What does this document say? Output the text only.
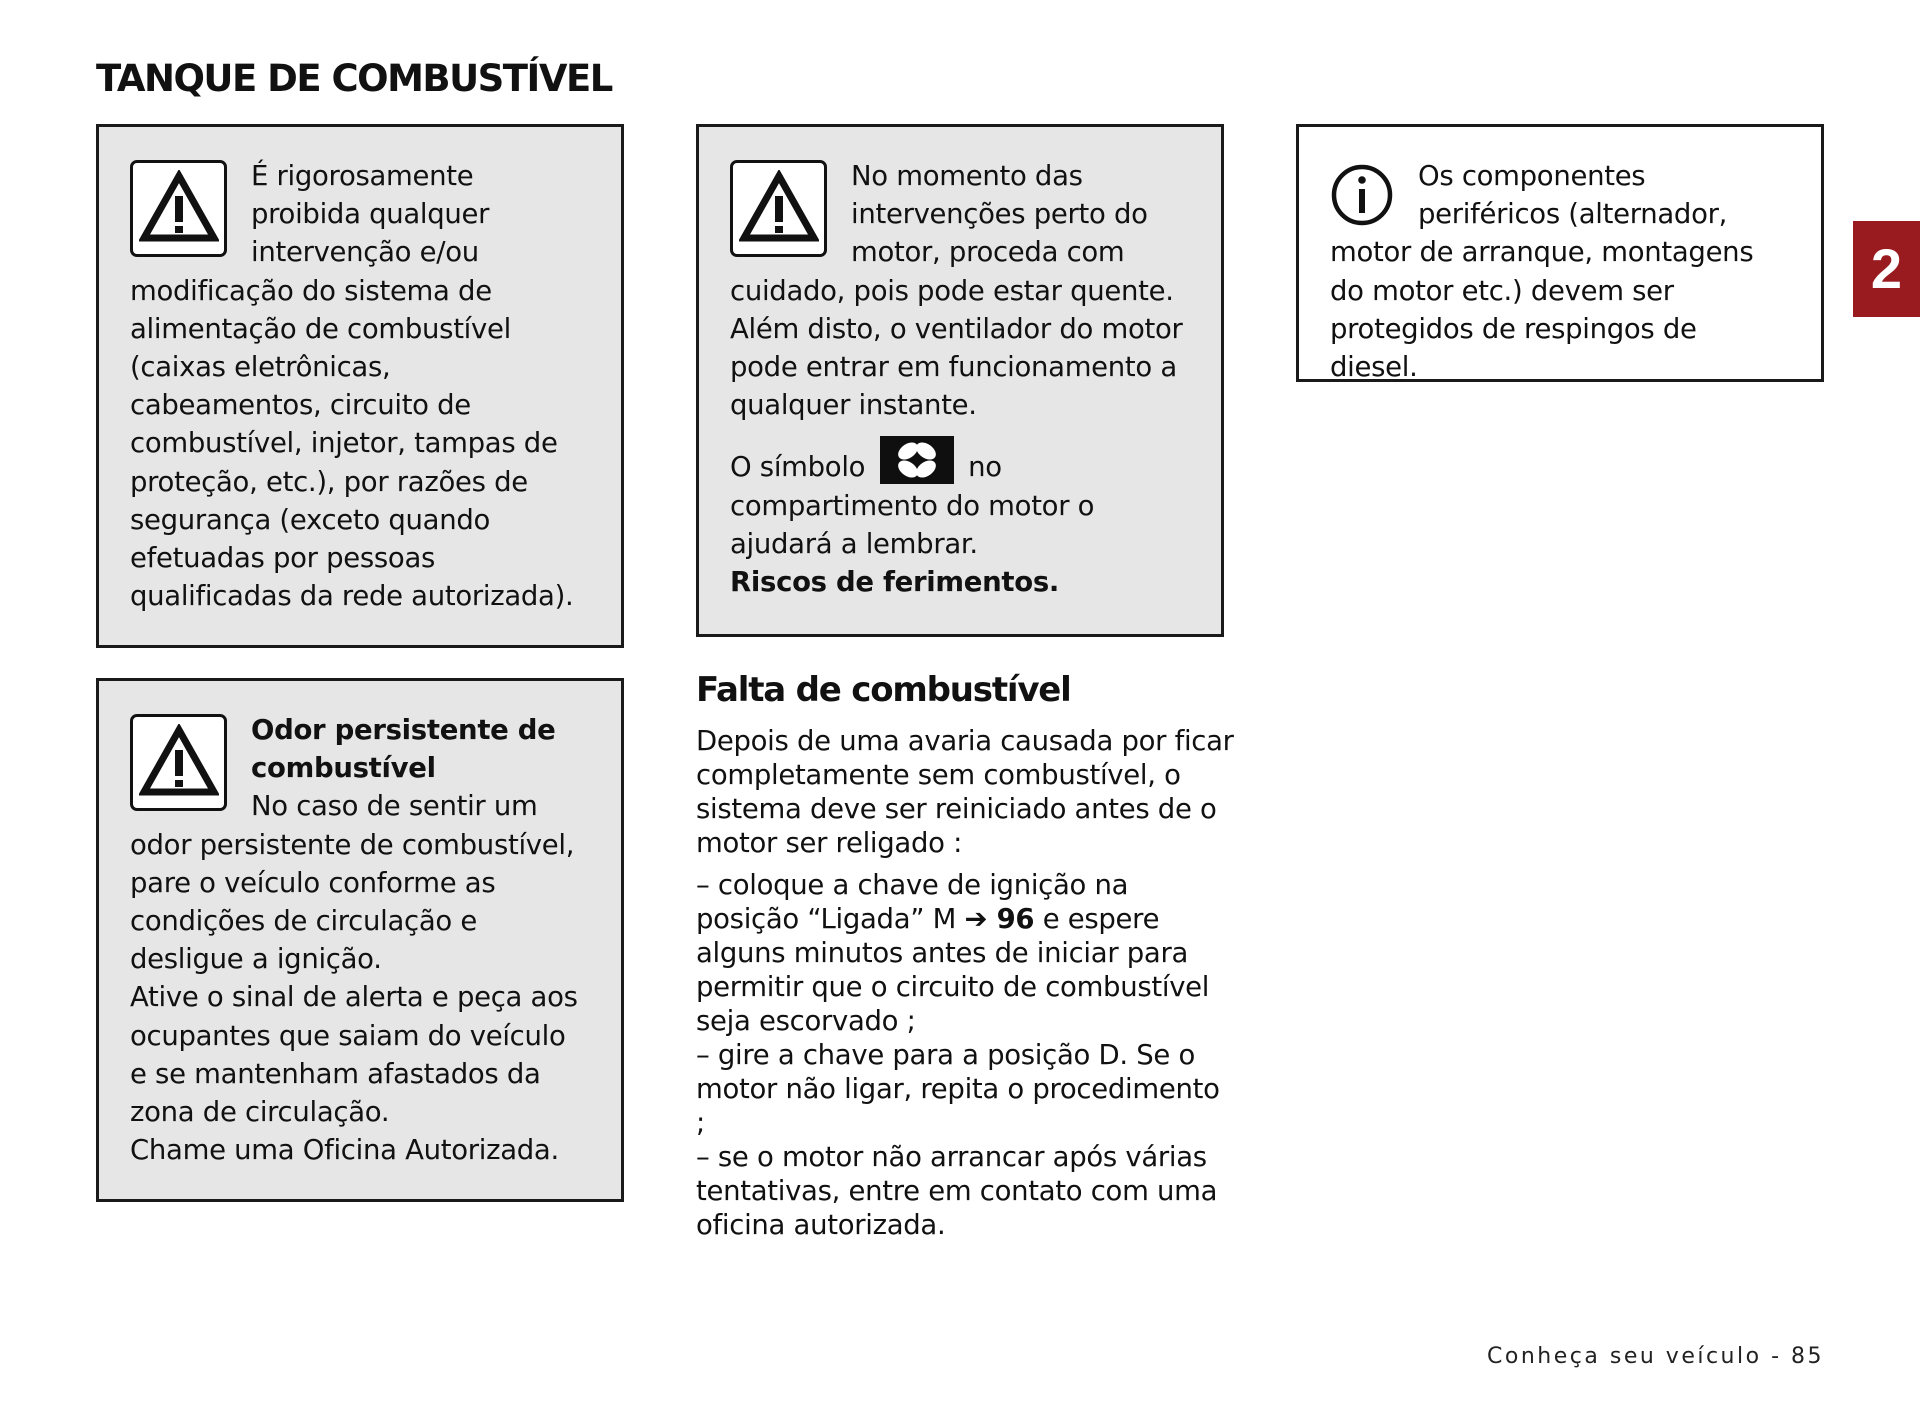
TANQUE DE COMBUSTÍVEL

É rigorosamente proibida qualquer intervenção e/ou modificação do sistema de alimentação de combustível (caixas eletrônicas, cabeamentos, circuito de combustível, injetor, tampas de proteção, etc.), por razões de segurança (exceto quando efetuadas por pessoas qualificadas da rede autorizada).

Odor persistente de combustível

No caso de sentir um odor persistente de combustível, pare o veículo conforme as condições de circulação e desligue a ignição.

Ative o sinal de alerta e peça aos ocupantes que saiam do veículo e se mantenham afastados da zona de circulação.

Chame uma Oficina Autorizada.

No momento das intervenções perto do motor, proceda com cuidado, pois pode estar quente. Além disto, o ventilador do motor pode entrar em funcionamento a qualquer instante.

O símbolo	no compartimento do motor o ajudará a lembrar.

Riscos de ferimentos.

Os componentes periféricos (alternador, motor de arranque, montagens do motor etc.) devem ser protegidos de respingos de diesel.

Falta de combustível

Depois de uma avaria causada por ficar completamente sem combustível, o sistema deve ser reiniciado antes de o motor ser religado :

– coloque a chave de ignição na posição “Ligada” M ➔ 96 e espere alguns minutos antes de iniciar para permitir que o circuito de combustível seja escorvado ;
– gire a chave para a posição D. Se o motor não ligar, repita o procedimento ;
– se o motor não arrancar após várias tentativas, entre em contato com uma oficina autorizada.
2
Conheça seu veículo - 85
